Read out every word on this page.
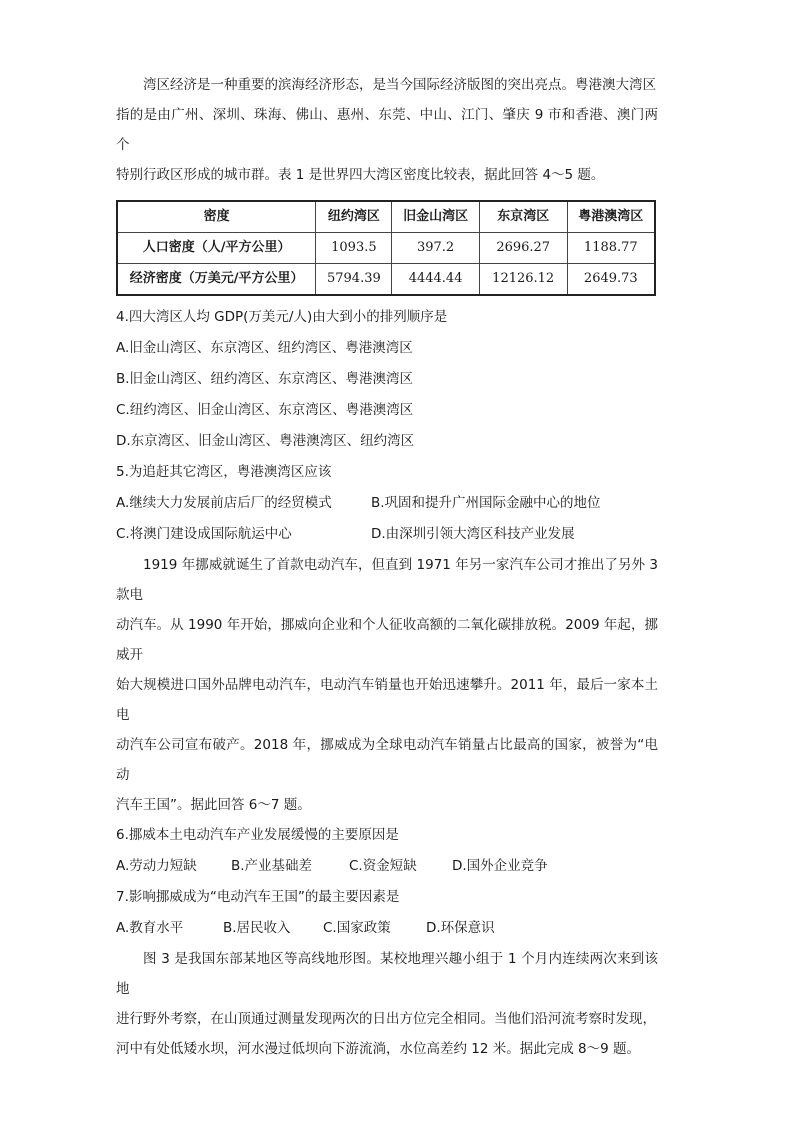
湾区经济是一种重要的滨海经济形态，是当今国际经济版图的突出亮点。粤港澳大湾区
指的是由广州、深圳、珠海、佛山、惠州、东莞、中山、江门、肇庆 9 市和香港、澳门两个
特别行政区形成的城市群。表 1 是世界四大湾区密度比较表，据此回答 4～5 题。

密度	纽约湾区	旧金山湾区	东京湾区	粤港澳湾区
人口密度（人/平方公里）	1093.5	397.2	2696.27	1188.77
经济密度（万美元/平方公里）	5794.39	4444.44	12126.12	2649.73

4.四大湾区人均 GDP(万美元/人)由大到小的排列顺序是

A.旧金山湾区、东京湾区、纽约湾区、粤港澳湾区

B.旧金山湾区、纽约湾区、东京湾区、粤港澳湾区

C.纽约湾区、旧金山湾区、东京湾区、粤港澳湾区

D.东京湾区、旧金山湾区、粤港澳湾区、纽约湾区

5.为追赶其它湾区，粤港澳湾区应该

A.继续大力发展前店后厂的经贸模式	B.巩固和提升广州国际金融中心的地位
C.将澳门建设成国际航运中心	D.由深圳引领大湾区科技产业发展

1919 年挪威就诞生了首款电动汽车，但直到 1971 年另一家汽车公司才推出了另外 3 款电
动汽车。从 1990 年开始，挪威向企业和个人征收高额的二氧化碳排放税。2009 年起，挪威开
始大规模进口国外品牌电动汽车，电动汽车销量也开始迅速攀升。2011 年，最后一家本土电
动汽车公司宣布破产。2018 年，挪威成为全球电动汽车销量占比最高的国家，被誉为“电动
汽车王国”。据此回答 6～7 题。

6.挪威本土电动汽车产业发展缓慢的主要原因是

A.劳动力短缺	B.产业基础差	C.资金短缺	D.国外企业竞争

7.影响挪威成为“电动汽车王国”的最主要因素是

A.教育水平	B.居民收入	C.国家政策	D.环保意识

图 3 是我国东部某地区等高线地形图。某校地理兴趣小组于 1 个月内连续两次来到该地
进行野外考察，在山顶通过测量发现两次的日出方位完全相同。当他们沿河流考察时发现，
河中有处低矮水坝，河水漫过低坝向下游流淌，水位高差约 12 米。据此完成 8～9 题。
